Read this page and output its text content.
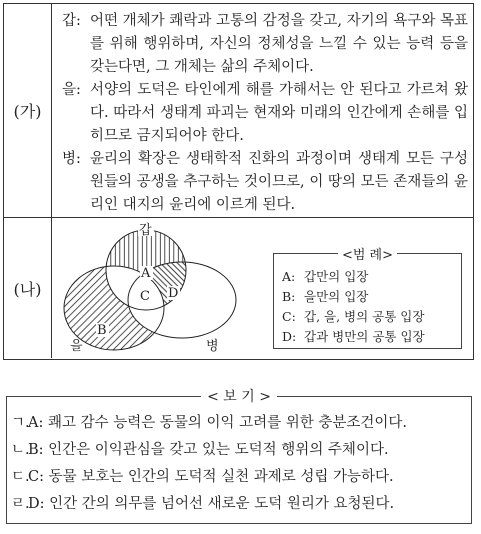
(가)
갑: 어떤 개체가 쾌락과 고통의 감정을 갖고, 자기의 욕구와 목표를 위해 행위하며, 자신의 정체성을 느낄 수 있는 능력 등을 갖는다면, 그 개체는 삶의 주체이다.
을: 서양의 도덕은 타인에게 해를 가해서는 안 된다고 가르쳐 왔다. 따라서 생태계 파괴는 현재와 미래의 인간에게 손해를 입히므로 금지되어야 한다.
병: 윤리의 확장은 생태학적 진화의 과정이며 생태계 모든 구성원들의 공생을 추구하는 것이므로, 이 땅의 모든 존재들의 윤리인 대지의 윤리에 이르게 된다.
(나)
갑
A
B
C D
을	병
<범 례>
A: 갑만의 입장
B: 을만의 입장
C: 갑, 을, 병의 공통 입장
D: 갑과 병만의 공통 입장
< 보 기 >
ㄱ.A: 쾌고 감수 능력은 동물의 이익 고려를 위한 충분조건이다.
ㄴ.B: 인간은 이익관심을 갖고 있는 도덕적 행위의 주체이다.
ㄷ.C: 동물 보호는 인간의 도덕적 실천 과제로 성립 가능하다.
ㄹ.D: 인간 간의 의무를 넘어선 새로운 도덕 원리가 요청된다.
